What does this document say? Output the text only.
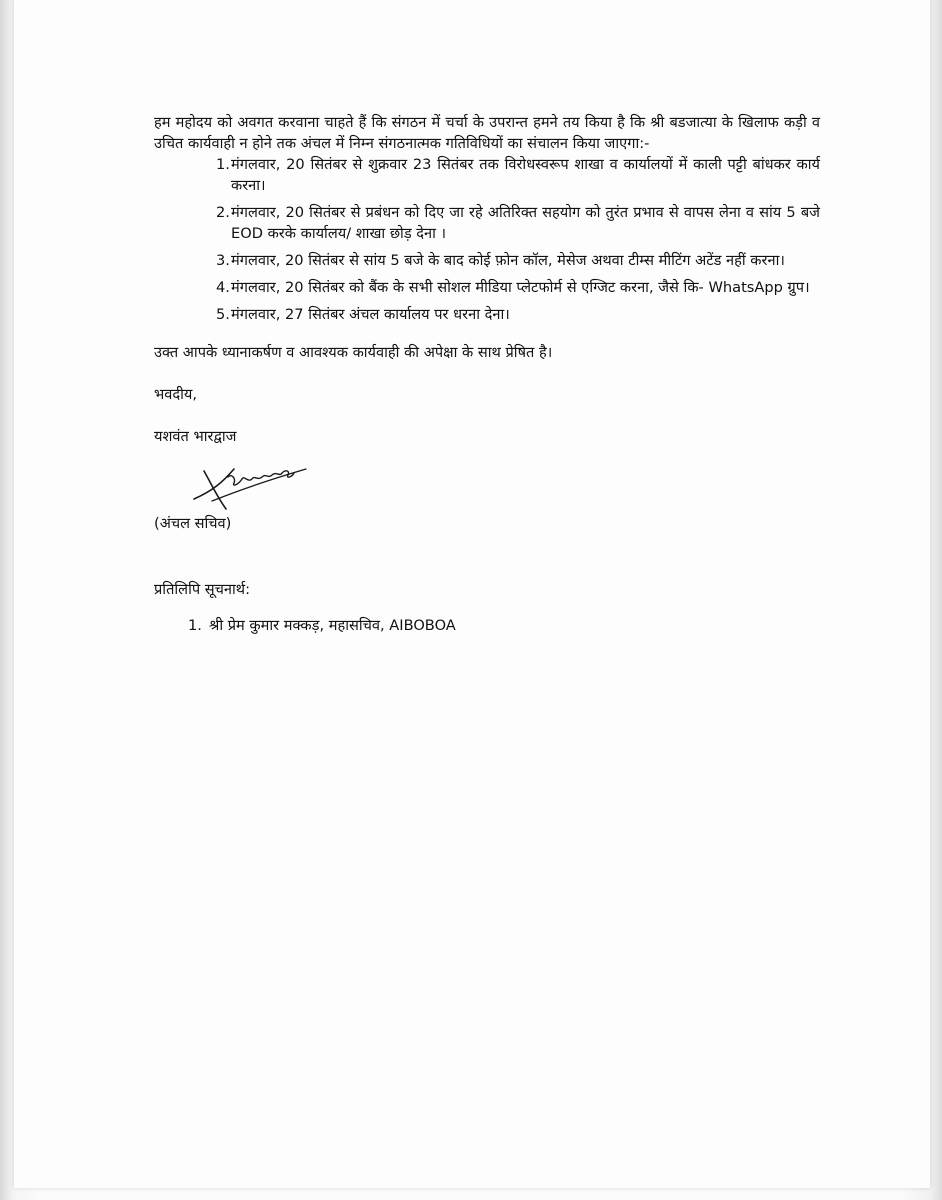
हम महोदय को अवगत करवाना चाहते हैं कि संगठन में चर्चा के उपरान्त हमने तय किया है कि श्री बडजात्या के खिलाफ कड़ी व उचित कार्यवाही न होने तक अंचल में निम्न संगठनात्मक गतिविधियों का संचालन किया जाएगा:-

1. मंगलवार, 20 सितंबर से शुक्रवार 23 सितंबर तक विरोधस्वरूप शाखा व कार्यालयों में काली पट्टी बांधकर कार्य करना।
2. मंगलवार, 20 सितंबर से प्रबंधन को दिए जा रहे अतिरिक्त सहयोग को तुरंत प्रभाव से वापस लेना व सांय 5 बजे EOD करके कार्यालय/ शाखा छोड़ देना ।
3. मंगलवार, 20 सितंबर से सांय 5 बजे के बाद कोई फ़ोन कॉल, मेसेज अथवा टीम्स मीटिंग अटेंड नहीं करना।
4. मंगलवार, 20 सितंबर को बैंक के सभी सोशल मीडिया प्लेटफोर्म से एग्जिट करना, जैसे कि- WhatsApp ग्रुप।
5. मंगलवार, 27 सितंबर अंचल कार्यालय पर धरना देना।

उक्त आपके ध्यानाकर्षण व आवश्यक कार्यवाही की अपेक्षा के साथ प्रेषित है।

भवदीय,

यशवंत भारद्वाज

(अंचल सचिव)

प्रतिलिपि सूचनार्थ:

1. श्री प्रेम कुमार मक्कड़, महासचिव, AIBOBOA
